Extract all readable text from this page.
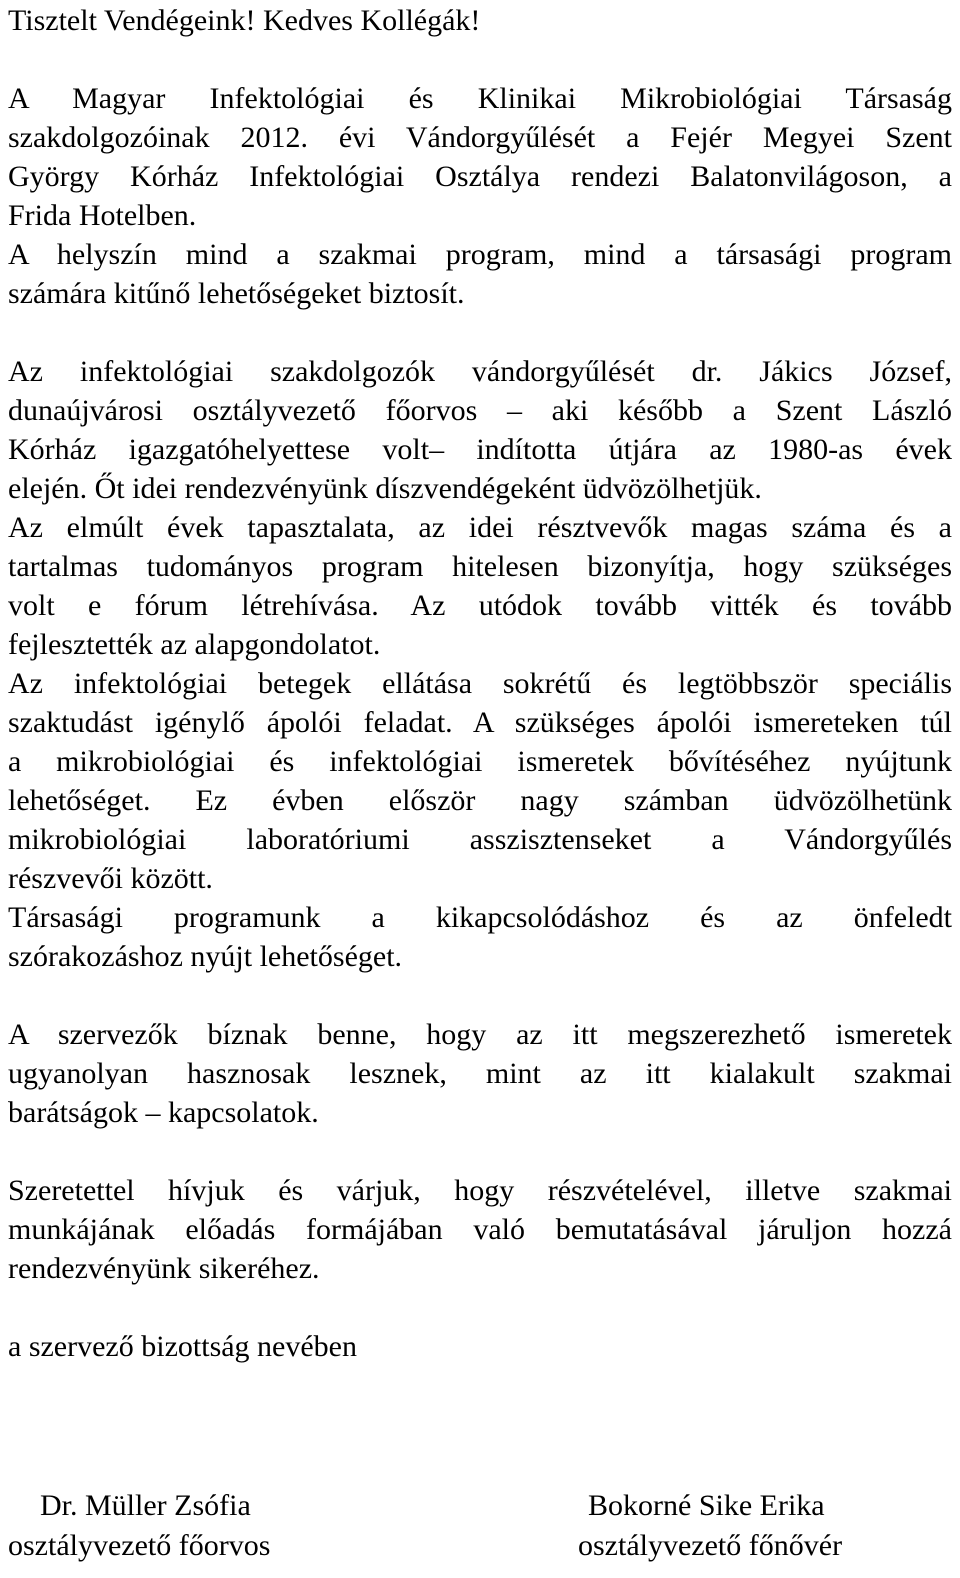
Tisztelt Vendégeink! Kedves Kollégák!
A Magyar Infektológiai és Klinikai Mikrobiológiai Társaság
szakdolgozóinak 2012. évi Vándorgyűlését a Fejér Megyei Szent
György Kórház Infektológiai Osztálya rendezi Balatonvilágoson, a
Frida Hotelben.
A helyszín mind a szakmai program, mind a társasági program
számára kitűnő lehetőségeket biztosít.
Az infektológiai szakdolgozók vándorgyűlését dr. Jákics József,
dunaújvárosi osztályvezető főorvos – aki később a Szent László
Kórház igazgatóhelyettese volt– indította útjára az 1980-as évek
elején. Őt idei rendezvényünk díszvendégeként üdvözölhetjük.
Az elmúlt évek tapasztalata, az idei résztvevők magas száma és a
tartalmas tudományos program hitelesen bizonyítja, hogy szükséges
volt e fórum létrehívása. Az utódok tovább vitték és tovább
fejlesztették az alapgondolatot.
Az infektológiai betegek ellátása sokrétű és legtöbbször speciális
szaktudást igénylő ápolói feladat. A szükséges ápolói ismereteken túl
a mikrobiológiai és infektológiai ismeretek bővítéséhez nyújtunk
lehetőséget. Ez évben először nagy számban üdvözölhetünk
mikrobiológiai laboratóriumi asszisztenseket a Vándorgyűlés
részvevői között.
Társasági programunk a kikapcsolódáshoz és az önfeledt
szórakozáshoz nyújt lehetőséget.
A szervezők bíznak benne, hogy az itt megszerezhető ismeretek
ugyanolyan hasznosak lesznek, mint az itt kialakult szakmai
barátságok – kapcsolatok.
Szeretettel hívjuk és várjuk, hogy részvételével, illetve szakmai
munkájának előadás formájában való bemutatásával járuljon hozzá
rendezvényünk sikeréhez.
a szervező bizottság nevében
Dr. Müller Zsófia
osztályvezető főorvos
Bokorné Sike Erika
osztályvezető főnővér
